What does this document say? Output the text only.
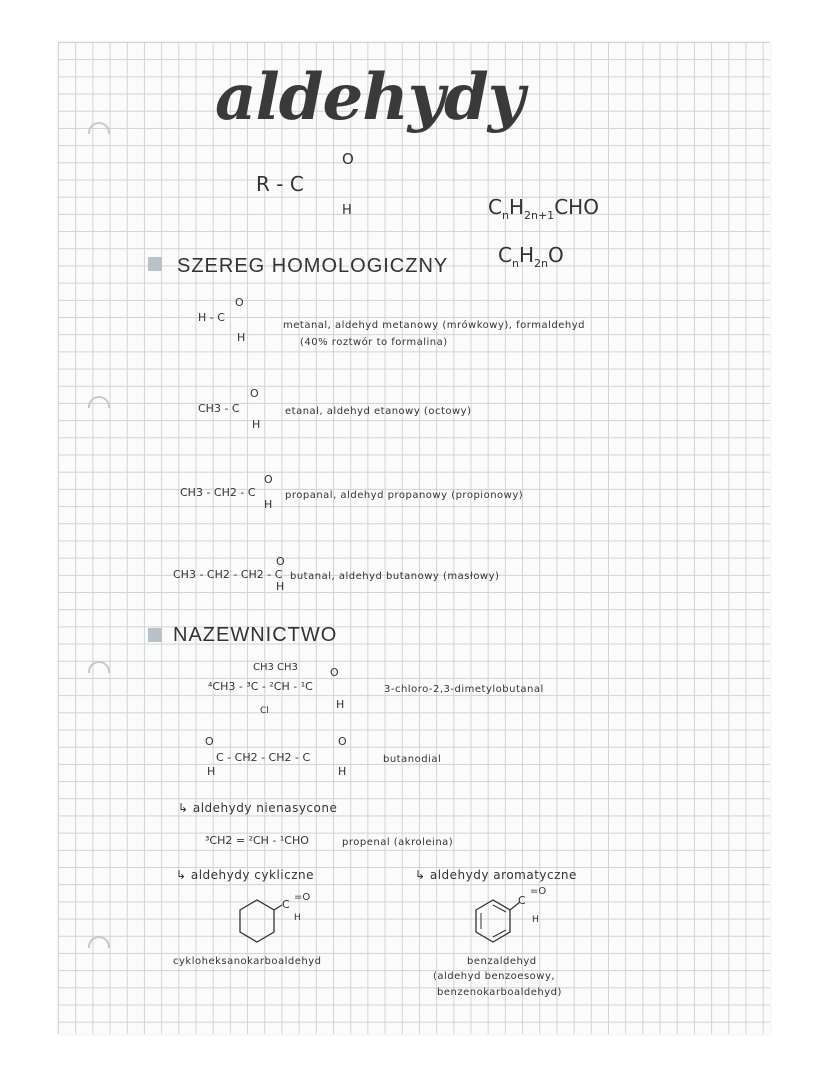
aldehydy
R - C
O
H	$C_nH_{2n+1}CHO$
$C_nH_{2n}O$
SZEREG HOMOLOGICZNY
H - C
O
H
metanal, aldehyd metanowy (mrówkowy), formaldehyd
(40% roztwór to formalina)
CH3 - C
O
H
etanal, aldehyd etanowy (octowy)
CH3 - CH2 - C
O
H
propanal, aldehyd propanowy (propionowy)
CH3 - CH2 - CH2 - C
O
H
butanal, aldehyd butanowy (masłowy)
NAZEWNICTWO
CH3 CH3
⁴CH3 - ³C - ²CH - ¹C
O
H
Cl
3-chloro-2,3-dimetylobutanal
C - CH2 - CH2 - C
O
H
O
H
butanodial
↳ aldehydy nienasycone
³CH2 = ²CH - ¹CHO	propenal (akroleina)
↳ aldehydy cykliczne	↳ aldehydy aromatyczne
C
=O
H
C
=O
H
cykloheksanokarboaldehyd	benzaldehyd
(aldehyd benzoesowy,
benzenokarboaldehyd)
